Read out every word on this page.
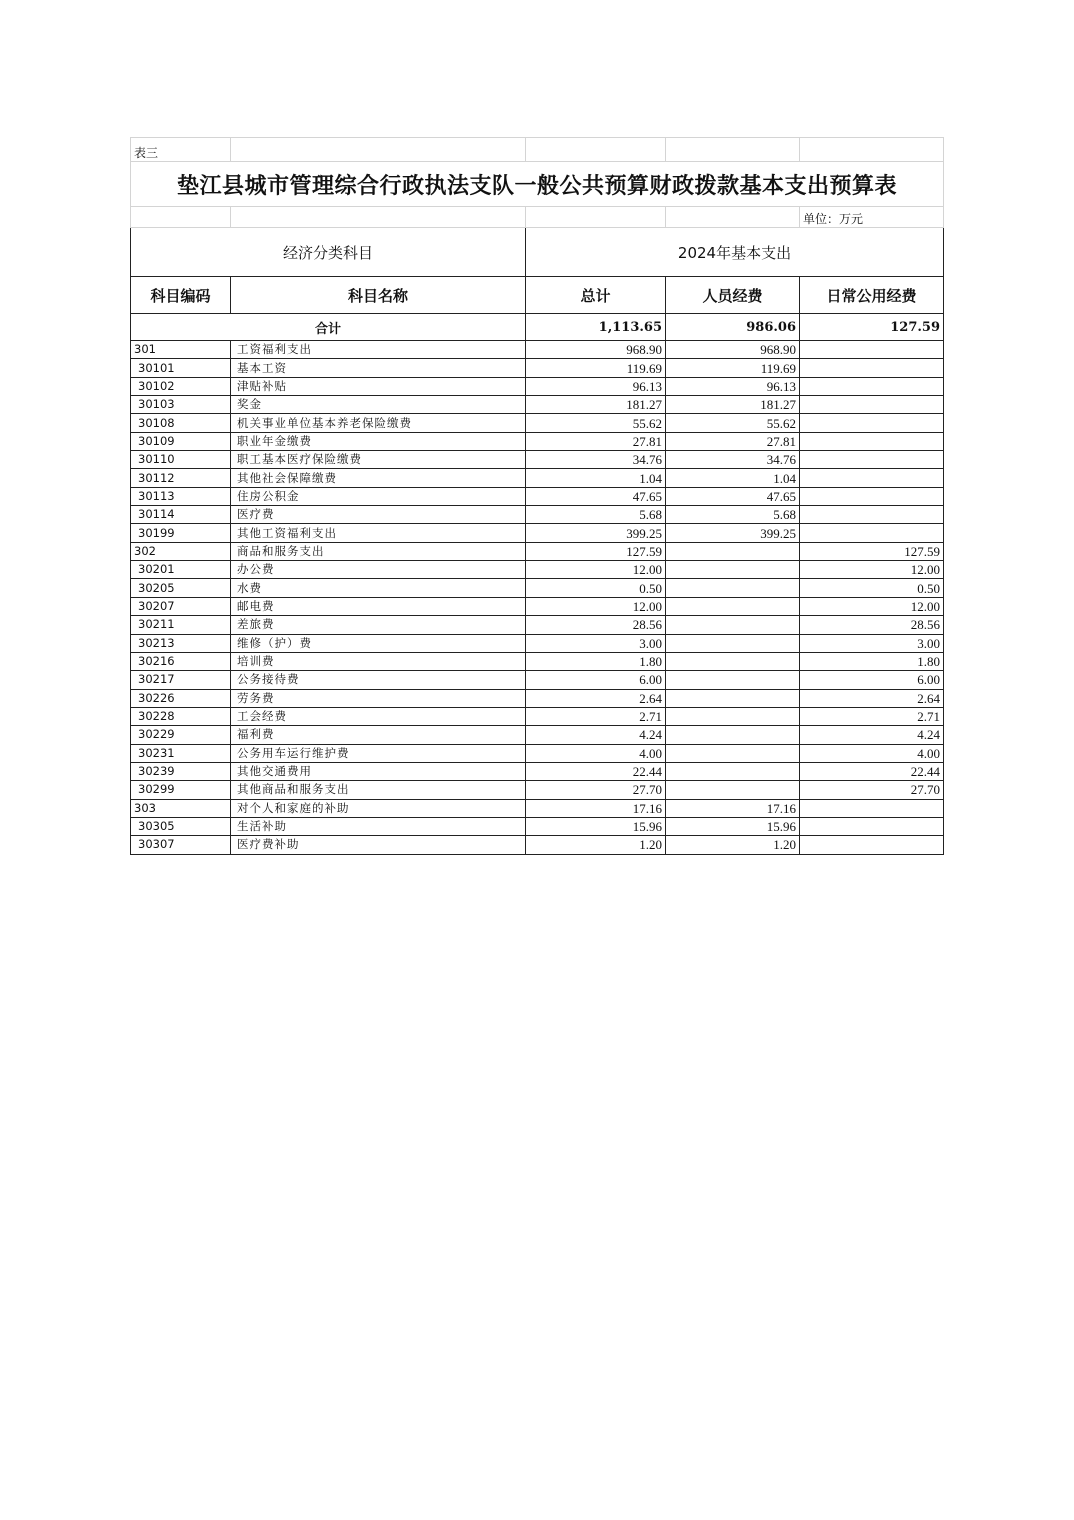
表三				
垫江县城市管理综合行政执法支队一般公共预算财政拨款基本支出预算表				
				单位：万元
经济分类科目		2024年基本支出		
科目编码	科目名称	总计	人员经费	日常公用经费
合计		1,113.65	986.06	127.59
301	工资福利支出	968.90	968.90	
30101	基本工资	119.69	119.69	
30102	津贴补贴	96.13	96.13	
30103	奖金	181.27	181.27	
30108	机关事业单位基本养老保险缴费	55.62	55.62	
30109	职业年金缴费	27.81	27.81	
30110	职工基本医疗保险缴费	34.76	34.76	
30112	其他社会保障缴费	1.04	1.04	
30113	住房公积金	47.65	47.65	
30114	医疗费	5.68	5.68	
30199	其他工资福利支出	399.25	399.25	
302	商品和服务支出	127.59		127.59
30201	办公费	12.00		12.00
30205	水费	0.50		0.50
30207	邮电费	12.00		12.00
30211	差旅费	28.56		28.56
30213	维修（护）费	3.00		3.00
30216	培训费	1.80		1.80
30217	公务接待费	6.00		6.00
30226	劳务费	2.64		2.64
30228	工会经费	2.71		2.71
30229	福利费	4.24		4.24
30231	公务用车运行维护费	4.00		4.00
30239	其他交通费用	22.44		22.44
30299	其他商品和服务支出	27.70		27.70
303	对个人和家庭的补助	17.16	17.16	
30305	生活补助	15.96	15.96	
30307	医疗费补助	1.20	1.20	
